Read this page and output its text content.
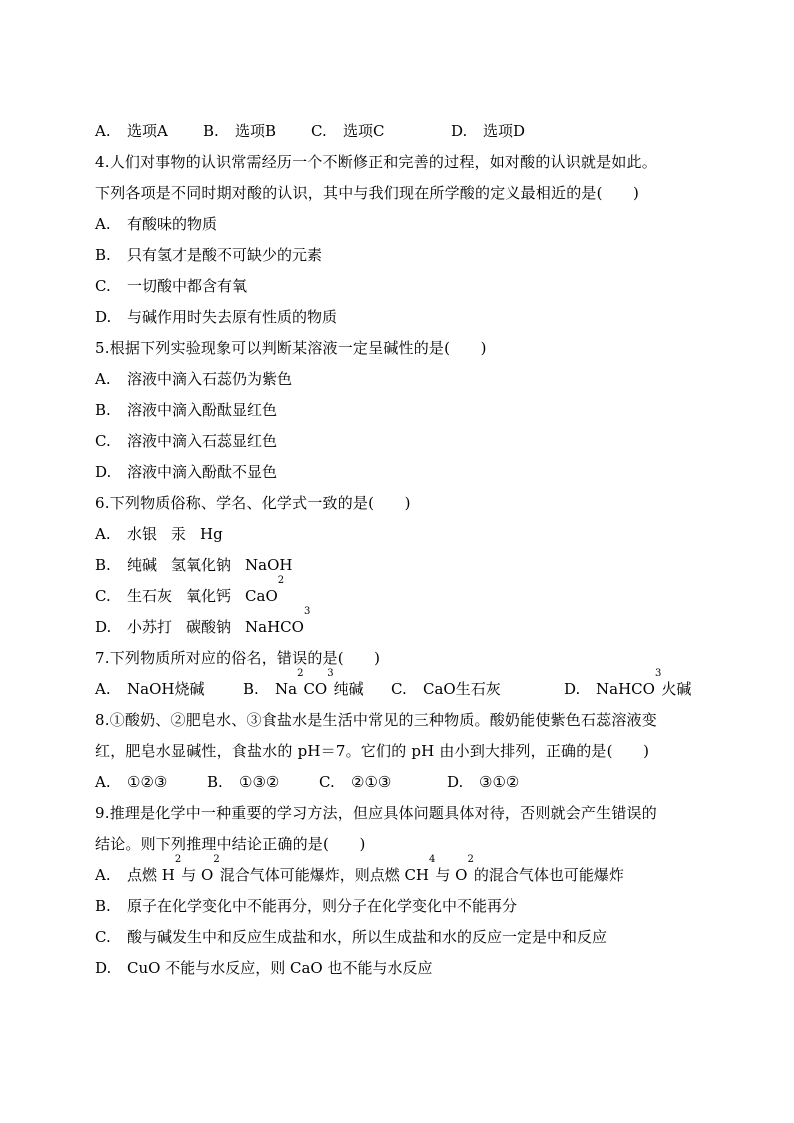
A.	选项A B.	选项B C.	选项C	D.	选项D
4.人们对事物的认识常需经历一个不断修正和完善的过程，如对酸的认识就是如此。
下列各项是不同时期对酸的认识，其中与我们现在所学酸的定义最相近的是(　　)
A.	有酸味的物质
B.	只有氢才是酸不可缺少的元素
C.	一切酸中都含有氧
D.	与碱作用时失去原有性质的物质
5.根据下列实验现象可以判断某溶液一定呈碱性的是(　　)
A.	溶液中滴入石蕊仍为紫色
B.	溶液中滴入酚酞显红色
C.	溶液中滴入石蕊显红色
D.	溶液中滴入酚酞不显色
6.下列物质俗称、学名、化学式一致的是(　　)
A.	水银 汞 Hg
B.	纯碱 氢氧化钠 NaOH
C.	生石灰 氧化钙 CaO
2
D.	小苏打 碳酸钠 NaHCO
3
7.下列物质所对应的俗名，错误的是(　　)
A.	NaOH 烧碱	B.	Na
2
CO
3
纯碱 C.	CaO 生石灰	D.	NaHCO
3
火碱
8.①酸奶、②肥皂水、③食盐水是生活中常见的三种物质。酸奶能使紫色石蕊溶液变
红，肥皂水显碱性，食盐水的 pH＝7。它们的 pH 由小到大排列，正确的是(　　)
A.	①②③	B.	①③②	C.	②①③	D.	③①②
9.推理是化学中一种重要的学习方法，但应具体问题具体对待，否则就会产生错误的
结论。则下列推理中结论正确的是(　　)
A.	点燃 H
2
与 O
2
混合气体可能爆炸，则点燃 CH
4
与 O
2
的混合气体也可能爆炸
B.	原子在化学变化中不能再分，则分子在化学变化中不能再分
C.	酸与碱发生中和反应生成盐和水，所以生成盐和水的反应一定是中和反应
D.	CuO 不能与水反应，则 CaO 也不能与水反应
